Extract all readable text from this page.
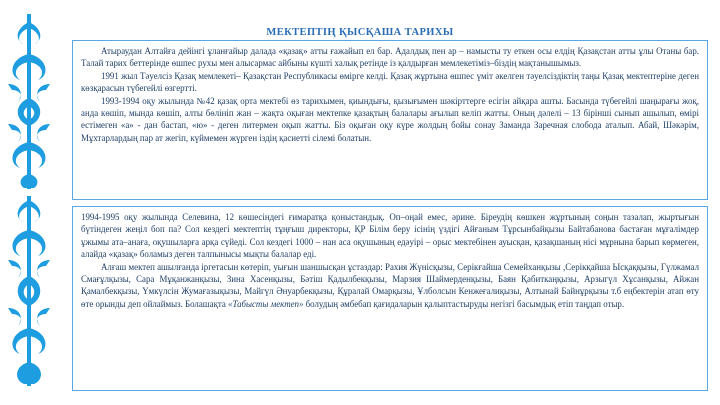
МЕКТЕПТІҢ ҚЫСҚАША ТАРИХЫ

Атыраудан Алтайға дейінгі ұланғайыр далада «қазақ» атты ғажайып ел бар. Адалдық пен ар – намысты ту еткен осы елдің Қазақстан атты ұлы Отаны бар. Талай тарих беттерінде өшпес рухы мен алысармас айбыны күшті халық ретінде із қалдырған мемлекетіміз–біздің мақтанышымыз.

1991 жыл Тәуелсіз Қазақ мемлекеті– Қазақстан Республикасы өмірге келді. Қазақ жұртына өшпес үміт әкелген тәуелсіздіктің таңы Қазақ мектептеріне деген көзқарасын түбегейлі өзгертті.

1993-1994 оқу жылында №42 қазақ орта мектебі өз тарихымен, қиындығы, қызығымен шәкірттерге есігін айқара ашты. Басында түбегейлі шаңырағы жоқ, анда көшіп, мында көшіп, алты бөлініп жан – жақта оқыған мектепке қазақтың балалары ағылып келіп жатты. Оның дәлелі – 13 бірінші сынып ашылып, өмірі естімеген «а» - дан бастап, «ю» - деген литермен оқып жатты. Біз оқыған оқу күре жолдың бойы сонау Заманда Заречная слобода аталып. Абай, Шәкәрім, Мұхтарлардың пар ат жегіп, күймемен жүрген іздің қасиетті сілемі болатын.

1994-1995 оқу жылында Селевина, 12 көшесіндегі ғимаратқа қоныстандық. Оп–оңай емес, әрине. Біреудің көшкен жұртының соңын тазалап, жыртығын бүтіндеген жеңіл боп па? Сол кездегі мектептің тұңғыш директоры, ҚР Білім беру ісінің үздігі Айғаным Тұрсынбайқызы Байтабанова бастаған мұғалімдер ұжымы ата–анаға, оқушыларға арқа сүйеді. Сол кездегі 1000 – нан аса оқушының едәуірі – орыс мектебінен ауысқан, қазақшаның нісі мұрнына барып көрмеген, алайда «қазақ» боламыз деген талпынысы мықты балалар еді.

Алғаш мектеп ашылғанда іргетасын көтеріп, уығын шаншысқан ұстаздар: Рахия Жүнісқызы, Серікғайша Семейханқызы ,Серікқайша Ысқаққызы, Гүлжамал Смағұлқызы, Сара Мұқанжанқызы, Зина Хасенқызы, Бәтіш Қадылбекқызы, Марзия Шаймерденқызы, Баян Қабиткаңқызы, Арзыгүл Хұсанқызы, Айжан Қамалбекқызы, Үмкүлсін Жумағазықызы, Майгүл Әнуарбекқызы, Құралай Омарқызы, Ұлболсын Кенжеғалиқызы, Алтынай Байнұрқызы т.б еңбектерін атап өту өте орынды деп ойлаймыз. Болашақта «Табысты мектеп» болудың әмбебап қағидаларын қалыптастыруды негізгі басымдық етіп таңдап отыр.
